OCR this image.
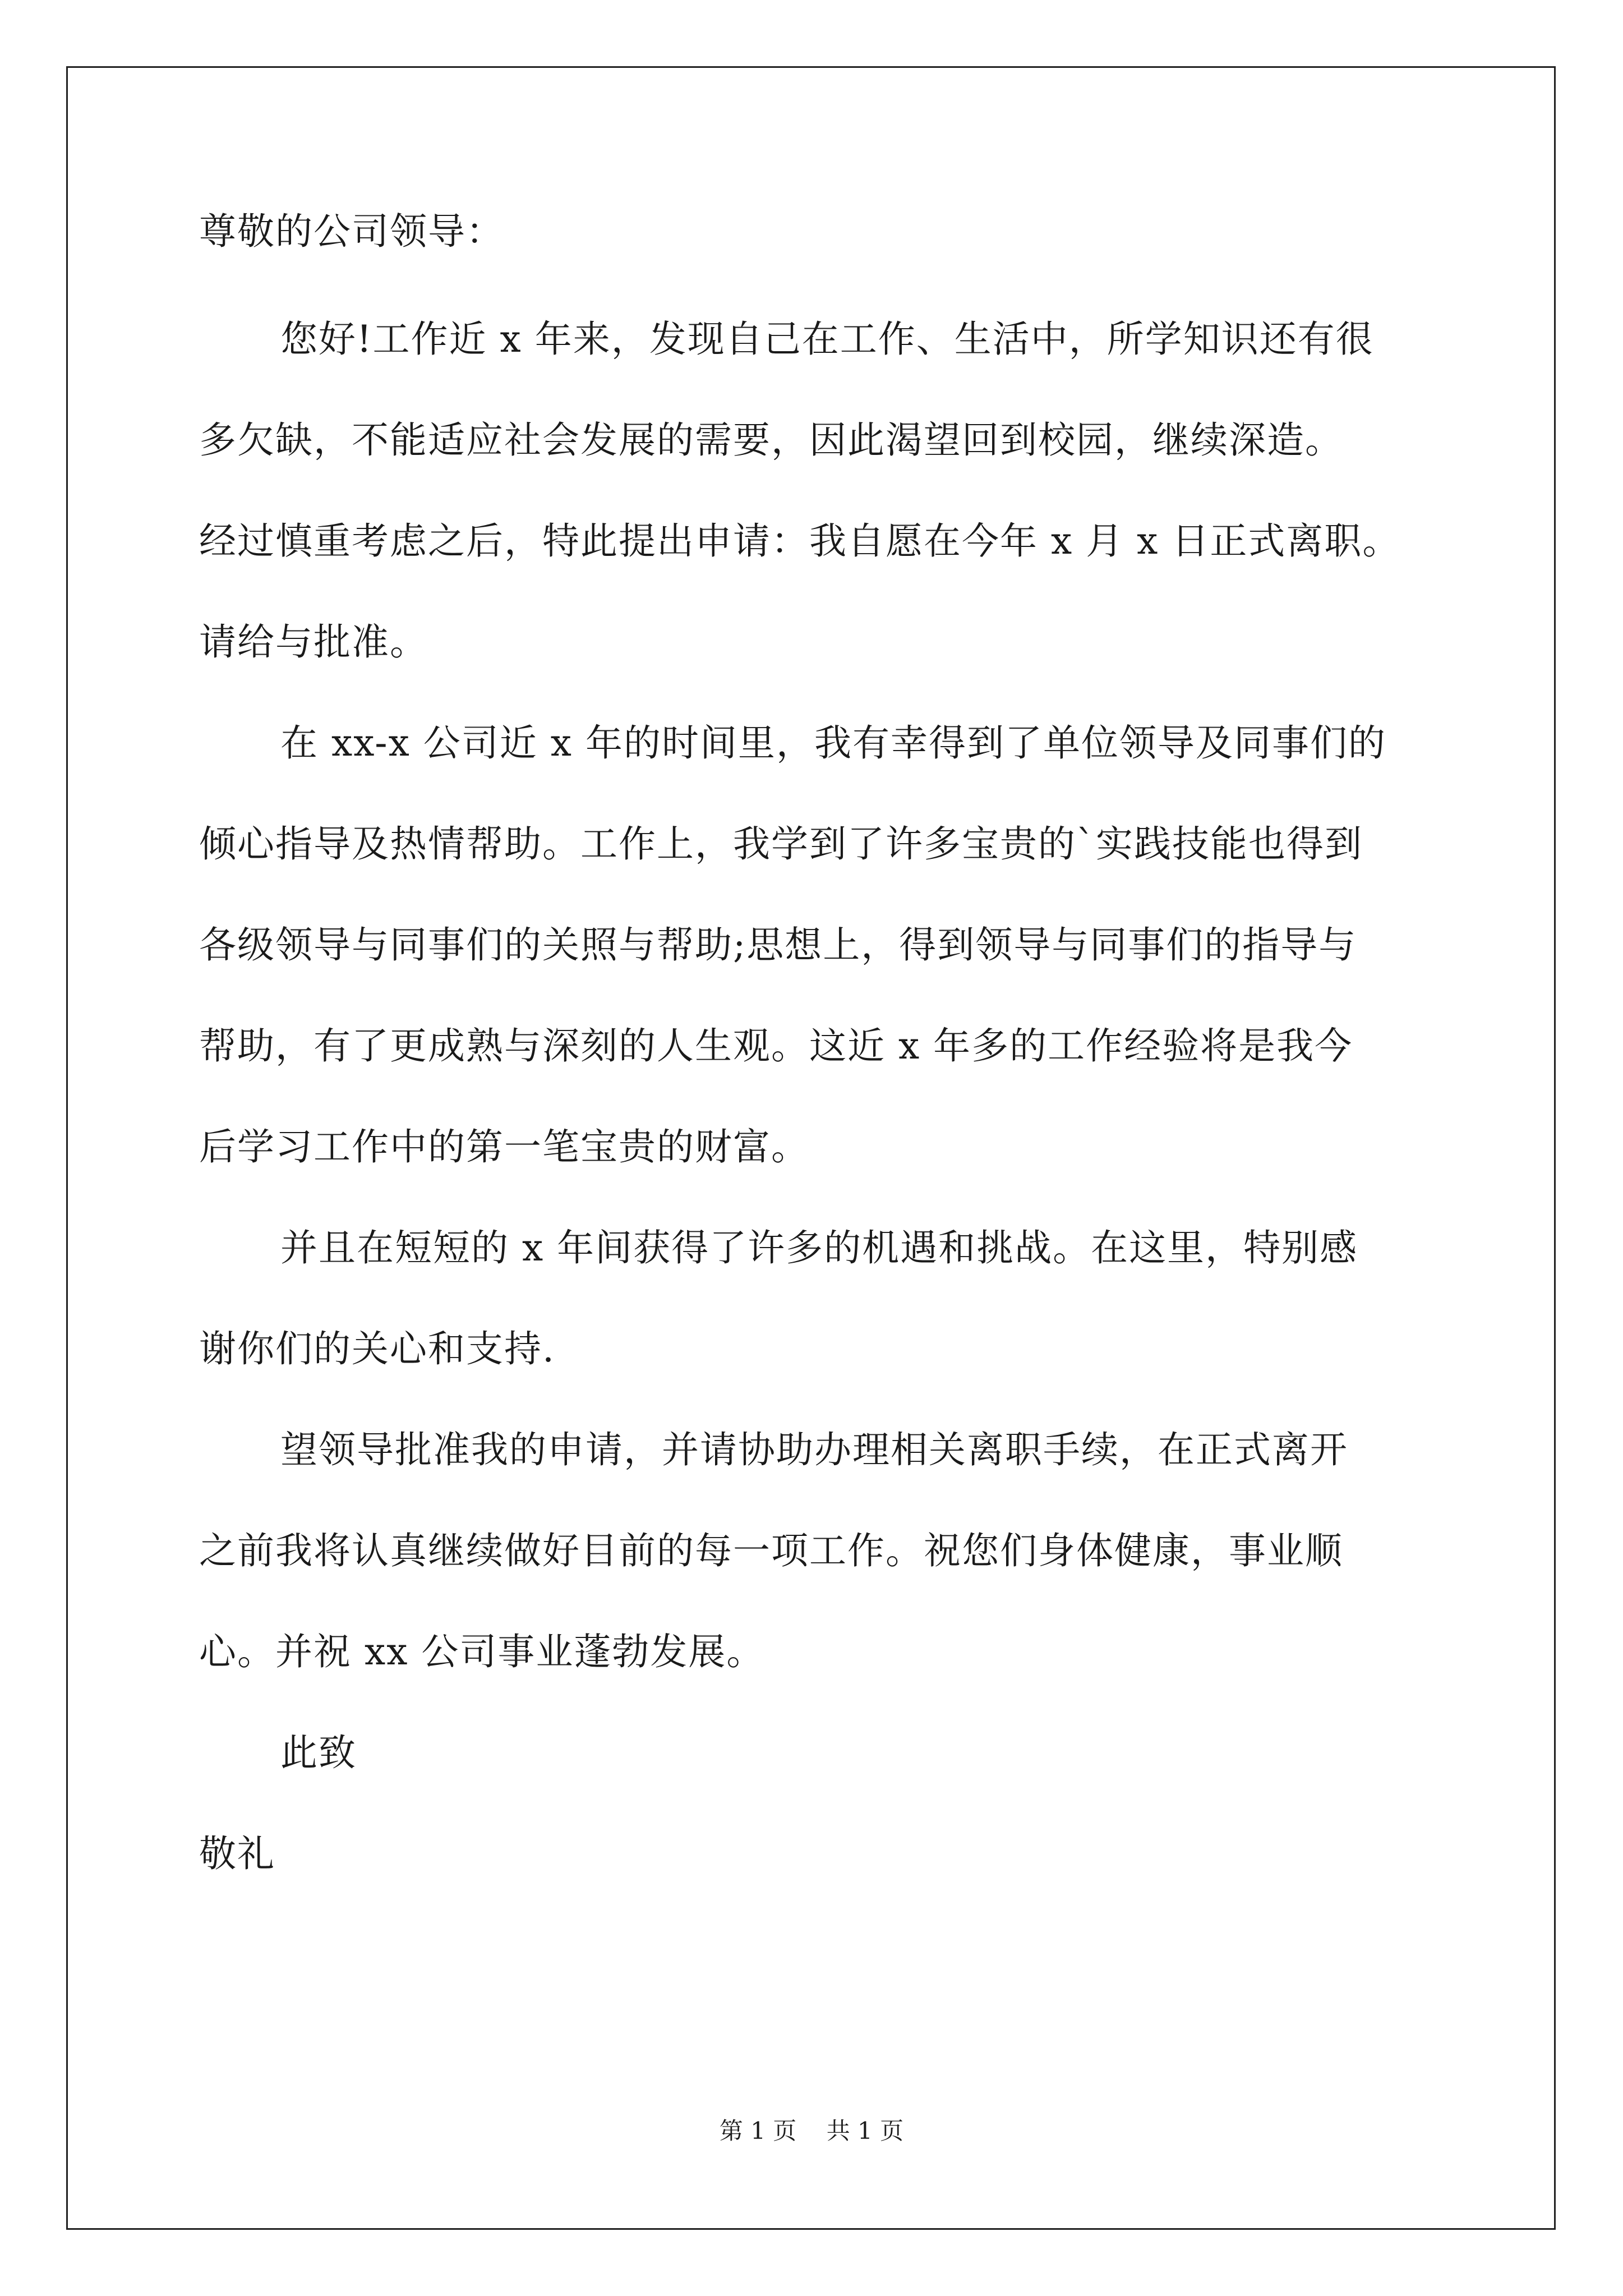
尊敬的公司领导：
您好!工作近 x 年来，发现自己在工作、生活中，所学知识还有很
多欠缺，不能适应社会发展的需要，因此渴望回到校园，继续深造。
经过慎重考虑之后，特此提出申请：我自愿在今年 x 月 x 日正式离职。
请给与批准。
在 xx-x 公司近 x 年的时间里，我有幸得到了单位领导及同事们的
倾心指导及热情帮助。工作上，我学到了许多宝贵的`实践技能也得到
各级领导与同事们的关照与帮助;思想上，得到领导与同事们的指导与
帮助，有了更成熟与深刻的人生观。这近 x 年多的工作经验将是我今
后学习工作中的第一笔宝贵的财富。
并且在短短的 x 年间获得了许多的机遇和挑战。在这里，特别感
谢你们的关心和支持.
望领导批准我的申请，并请协助办理相关离职手续，在正式离开
之前我将认真继续做好目前的每一项工作。祝您们身体健康，事业顺
心。并祝 xx 公司事业蓬勃发展。
此致
敬礼
第 1 页    共 1 页
